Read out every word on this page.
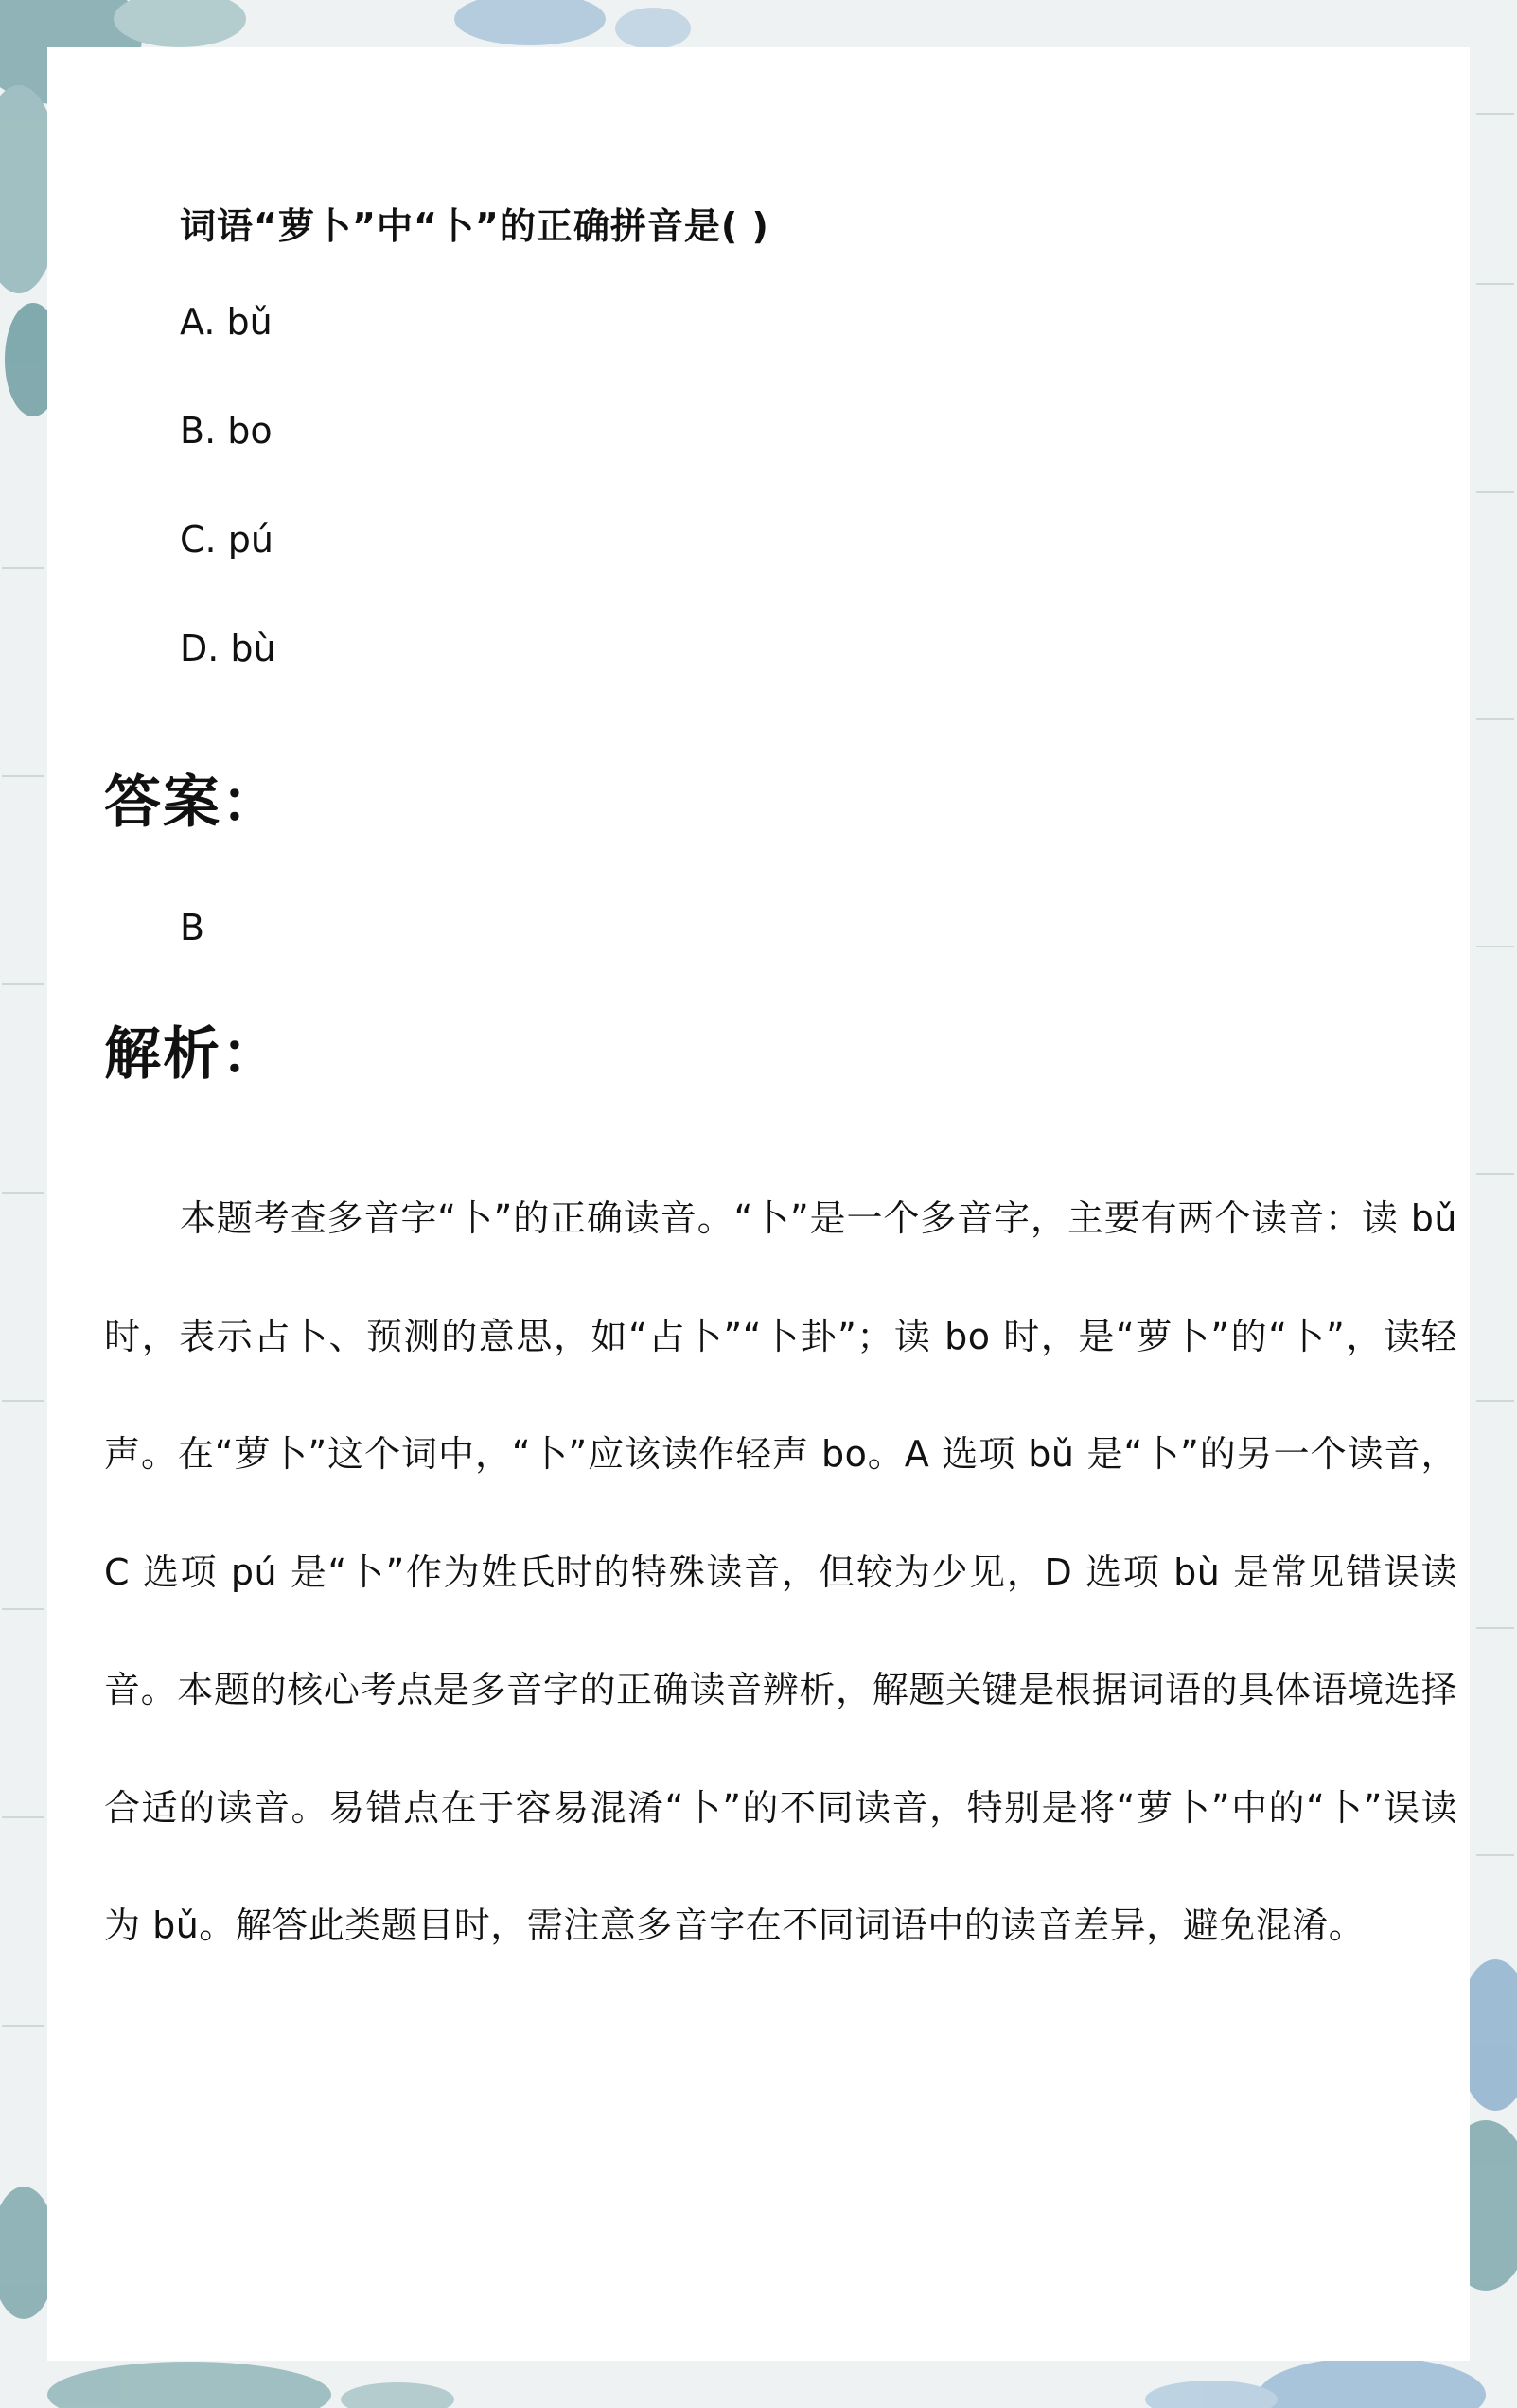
词语“萝卜”中“卜”的正确拼音是( )

A. bǔ
B. bo
C. pú
D. bù
答案：

B

解析：

本题考查多音字“卜”的正确读音。“卜”是一个多音字，主要有两个读音：读 bǔ 时，表示占卜、预测的意思，如“占卜”“卜卦”；读 bo 时，是“萝卜”的“卜”，读轻声。在“萝卜”这个词中，“卜”应该读作轻声 bo。A 选项 bǔ 是“卜”的另一个读音，C 选项 pú 是“卜”作为姓氏时的特殊读音，但较为少见，D 选项 bù 是常见错误读音。本题的核心考点是多音字的正确读音辨析，解题关键是根据词语的具体语境选择合适的读音。易错点在于容易混淆“卜”的不同读音，特别是将“萝卜”中的“卜”误读为 bǔ。解答此类题目时，需注意多音字在不同词语中的读音差异，避免混淆。
